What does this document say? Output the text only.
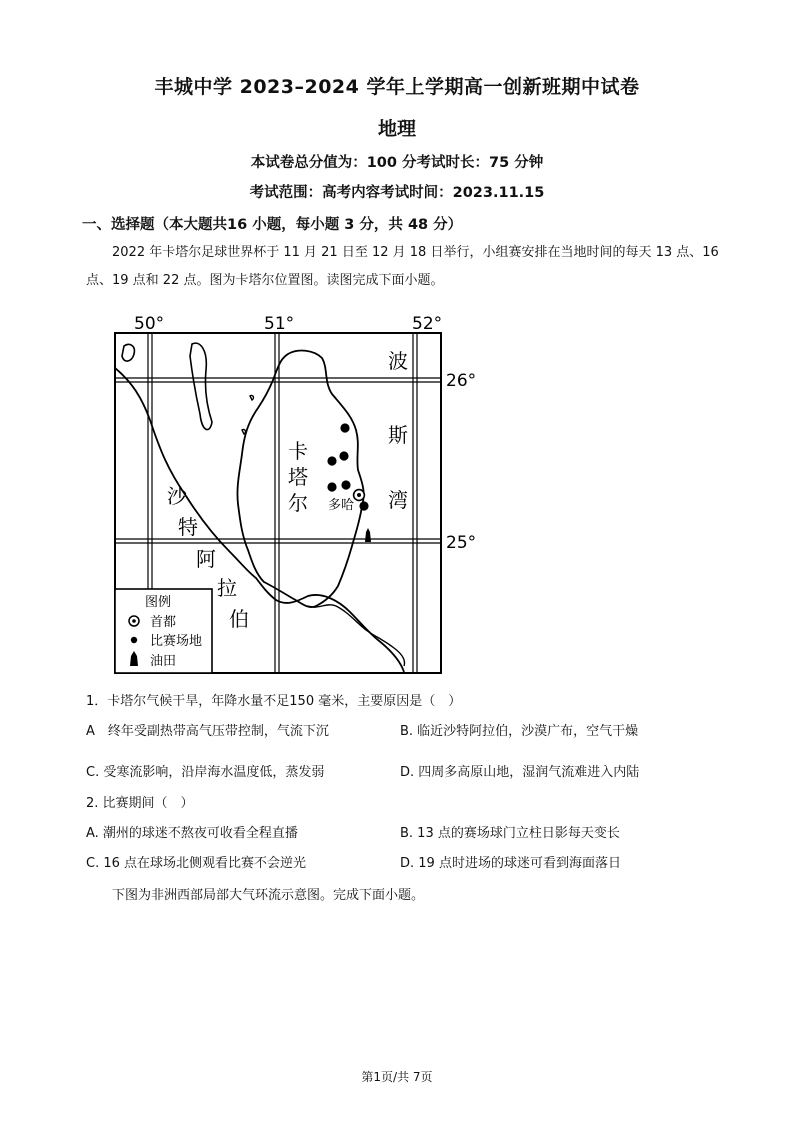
丰城中学 2023–2024 学年上学期高一创新班期中试卷
地理
本试卷总分值为：100 分考试时长：75 分钟
考试范围：高考内容考试时间：2023.11.15
一、选择题（本大题共16 小题，每小题 3 分，共 48 分）
2022 年卡塔尔足球世界杯于 11 月 21 日至 12 月 18 日举行，小组赛安排在当地时间的每天 13 点、16 点、19 点和 22 点。图为卡塔尔位置图。读图完成下面小题。
50°	51°	52°
26°
25°
波
斯
湾
卡
塔
尔
沙
特
阿
拉
伯
多哈
图例
首都
比赛场地
油田
1．卡塔尔气候干旱，年降水量不足150 毫米，主要原因是（　）
A　终年受副热带高气压带控制，气流下沉	B. 临近沙特阿拉伯，沙漠广布，空气干燥
C. 受寒流影响，沿岸海水温度低，蒸发弱	D. 四周多高原山地，湿润气流难进入内陆
2. 比赛期间（　）
A. 潮州的球迷不熬夜可收看全程直播	B. 13 点的赛场球门立柱日影每天变长
C. 16 点在球场北侧观看比赛不会逆光	D. 19 点时进场的球迷可看到海面落日
下图为非洲西部局部大气环流示意图。完成下面小题。
第1页/共 7页
